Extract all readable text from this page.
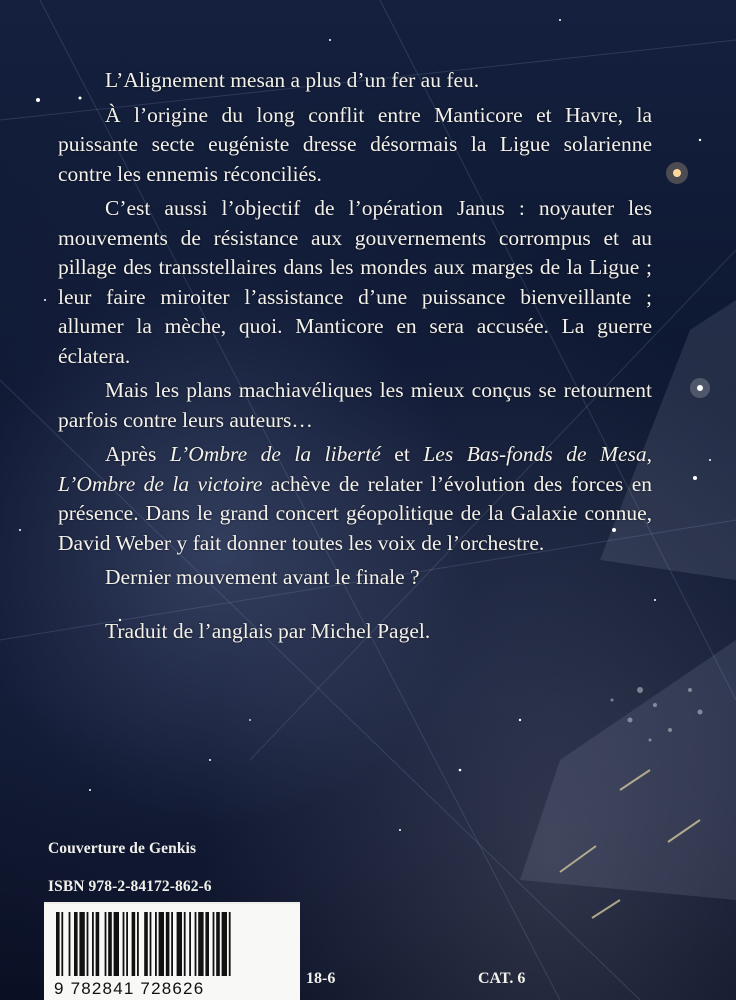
L’Alignement mesan a plus d’un fer au feu.

À l’origine du long conflit entre Manticore et Havre, la puissante secte eugéniste dresse désormais la Ligue solarienne contre les ennemis réconciliés.

C’est aussi l’objectif de l’opération Janus : noyauter les mouvements de résistance aux gouvernements corrompus et au pillage des transstellaires dans les mondes aux marges de la Ligue ; leur faire miroiter l’assistance d’une puissance bienveillante ; allumer la mèche, quoi. Manticore en sera accusée. La guerre éclatera.

Mais les plans machiavéliques les mieux conçus se retournent parfois contre leurs auteurs…

Après L’Ombre de la liberté et Les Bas-fonds de Mesa, L’Ombre de la victoire achève de relater l’évolution des forces en présence. Dans le grand concert géopolitique de la Galaxie connue, David Weber y fait donner toutes les voix de l’orchestre.

Dernier mouvement avant le finale ?

Traduit de l’anglais par Michel Pagel.

Couverture de Genkis
ISBN 978-2-84172-862-6
9 782841 728626
18-6	CAT. 6
